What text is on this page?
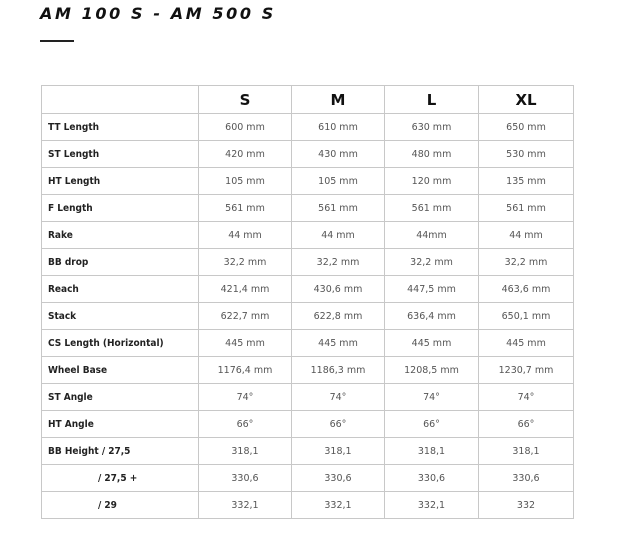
AM 100 S - AM 500 S
	S	M	L	XL
TT Length	600 mm	610 mm	630 mm	650 mm
ST Length	420 mm	430 mm	480 mm	530 mm
HT Length	105 mm	105 mm	120 mm	135 mm
F Length	561 mm	561 mm	561 mm	561 mm
Rake	44 mm	44 mm	44mm	44 mm
BB drop	32,2 mm	32,2 mm	32,2 mm	32,2 mm
Reach	421,4 mm	430,6 mm	447,5 mm	463,6 mm
Stack	622,7 mm	622,8 mm	636,4 mm	650,1 mm
CS Length (Horizontal)	445 mm	445 mm	445 mm	445 mm
Wheel Base	1176,4 mm	1186,3 mm	1208,5 mm	1230,7 mm
ST Angle	74°	74°	74°	74°
HT Angle	66°	66°	66°	66°
BB Height / 27,5	318,1	318,1	318,1	318,1
/ 27,5 +	330,6	330,6	330,6	330,6
/ 29	332,1	332,1	332,1	332
